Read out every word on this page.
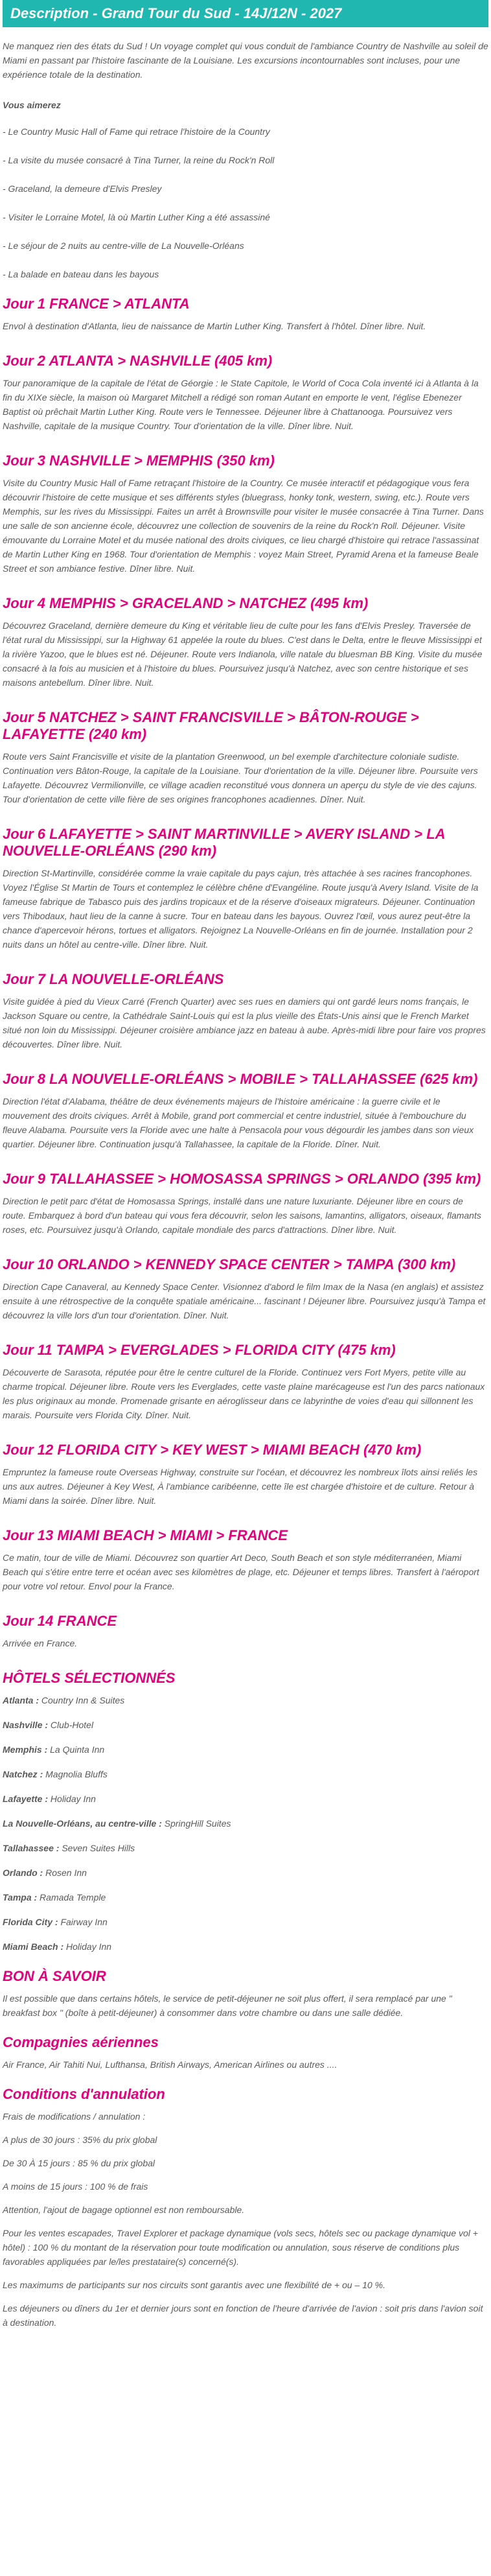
Description - Grand Tour du Sud - 14J/12N - 2027

Ne manquez rien des états du Sud ! Un voyage complet qui vous conduit de l'ambiance Country de Nashville au soleil de Miami en passant par l'histoire fascinante de la Louisiane. Les excursions incontournables sont incluses, pour une expérience totale de la destination.

Vous aimerez
- Le Country Music Hall of Fame qui retrace l'histoire de la Country
- La visite du musée consacré à Tina Turner, la reine du Rock'n Roll
- Graceland, la demeure d'Elvis Presley
- Visiter le Lorraine Motel, là où Martin Luther King a été assassiné
- Le séjour de 2 nuits au centre-ville de La Nouvelle-Orléans
- La balade en bateau dans les bayous
Jour 1 FRANCE > ATLANTA

Envol à destination d'Atlanta, lieu de naissance de Martin Luther King. Transfert à l'hôtel. Dîner libre. Nuit.

Jour 2 ATLANTA > NASHVILLE (405 km)

Tour panoramique de la capitale de l'état de Géorgie : le State Capitole, le World of Coca Cola inventé ici à Atlanta à la fin du XIXe siècle, la maison où Margaret Mitchell a rédigé son roman Autant en emporte le vent, l'église Ebenezer Baptist où prêchait Martin Luther King. Route vers le Tennessee. Déjeuner libre à Chattanooga. Poursuivez vers Nashville, capitale de la musique Country. Tour d'orientation de la ville. Dîner libre. Nuit.

Jour 3 NASHVILLE > MEMPHIS (350 km)

Visite du Country Music Hall of Fame retraçant l'histoire de la Country. Ce musée interactif et pédagogique vous fera découvrir l'histoire de cette musique et ses différents styles (bluegrass, honky tonk, western, swing, etc.). Route vers Memphis, sur les rives du Mississippi. Faites un arrêt à Brownsville pour visiter le musée consacrée à Tina Turner. Dans une salle de son ancienne école, découvrez une collection de souvenirs de la reine du Rock'n Roll. Déjeuner. Visite émouvante du Lorraine Motel et du musée national des droits civiques, ce lieu chargé d'histoire qui retrace l'assassinat de Martin Luther King en 1968. Tour d'orientation de Memphis : voyez Main Street, Pyramid Arena et la fameuse Beale Street et son ambiance festive. Dîner libre. Nuit.

Jour 4 MEMPHIS > GRACELAND > NATCHEZ (495 km)

Découvrez Graceland, dernière demeure du King et véritable lieu de culte pour les fans d'Elvis Presley. Traversée de l'état rural du Mississippi, sur la Highway 61 appelée la route du blues. C'est dans le Delta, entre le fleuve Mississippi et la rivière Yazoo, que le blues est né. Déjeuner. Route vers Indianola, ville natale du bluesman BB King. Visite du musée consacré à la fois au musicien et à l'histoire du blues. Poursuivez jusqu'à Natchez, avec son centre historique et ses maisons antebellum. Dîner libre. Nuit.

Jour 5 NATCHEZ > SAINT FRANCISVILLE > BÂTON-ROUGE > LAFAYETTE (240 km)

Route vers Saint Francisville et visite de la plantation Greenwood, un bel exemple d'architecture coloniale sudiste. Continuation vers Bâton-Rouge, la capitale de la Louisiane. Tour d'orientation de la ville. Déjeuner libre. Poursuite vers Lafayette. Découvrez Vermilionville, ce village acadien reconstitué vous donnera un aperçu du style de vie des cajuns. Tour d'orientation de cette ville fière de ses origines francophones acadiennes. Dîner. Nuit.

Jour 6 LAFAYETTE > SAINT MARTINVILLE > AVERY ISLAND > LA NOUVELLE-ORLÉANS (290 km)

Direction St-Martinville, considérée comme la vraie capitale du pays cajun, très attachée à ses racines francophones. Voyez l'Église St Martin de Tours et contemplez le célèbre chêne d'Evangéline. Route jusqu'à Avery Island. Visite de la fameuse fabrique de Tabasco puis des jardins tropicaux et de la réserve d'oiseaux migrateurs. Déjeuner. Continuation vers Thibodaux, haut lieu de la canne à sucre. Tour en bateau dans les bayous. Ouvrez l'œil, vous aurez peut-être la chance d'apercevoir hérons, tortues et alligators. Rejoignez La Nouvelle-Orléans en fin de journée. Installation pour 2 nuits dans un hôtel au centre-ville. Dîner libre. Nuit.

Jour 7 LA NOUVELLE-ORLÉANS

Visite guidée à pied du Vieux Carré (French Quarter) avec ses rues en damiers qui ont gardé leurs noms français, le Jackson Square ou centre, la Cathédrale Saint-Louis qui est la plus vieille des États-Unis ainsi que le French Market situé non loin du Mississippi. Déjeuner croisière ambiance jazz en bateau à aube. Après-midi libre pour faire vos propres découvertes. Dîner libre. Nuit.

Jour 8 LA NOUVELLE-ORLÉANS > MOBILE > TALLAHASSEE (625 km)

Direction l'état d'Alabama, théâtre de deux événements majeurs de l'histoire américaine : la guerre civile et le mouvement des droits civiques. Arrêt à Mobile, grand port commercial et centre industriel, située à l'embouchure du fleuve Alabama. Poursuite vers la Floride avec une halte à Pensacola pour vous dégourdir les jambes dans son vieux quartier. Déjeuner libre. Continuation jusqu'à Tallahassee, la capitale de la Floride. Dîner. Nuit.

Jour 9 TALLAHASSEE > HOMOSASSA SPRINGS > ORLANDO (395 km)

Direction le petit parc d'état de Homosassa Springs, installé dans une nature luxuriante. Déjeuner libre en cours de route. Embarquez à bord d'un bateau qui vous fera découvrir, selon les saisons, lamantins, alligators, oiseaux, flamants roses, etc. Poursuivez jusqu'à Orlando, capitale mondiale des parcs d'attractions. Dîner libre. Nuit.

Jour 10 ORLANDO > KENNEDY SPACE CENTER > TAMPA (300 km)

Direction Cape Canaveral, au Kennedy Space Center. Visionnez d'abord le film Imax de la Nasa (en anglais) et assistez ensuite à une rétrospective de la conquête spatiale américaine... fascinant ! Déjeuner libre. Poursuivez jusqu'à Tampa et découvrez la ville lors d'un tour d'orientation. Dîner. Nuit.

Jour 11 TAMPA > EVERGLADES > FLORIDA CITY (475 km)

Découverte de Sarasota, réputée pour être le centre culturel de la Floride. Continuez vers Fort Myers, petite ville au charme tropical. Déjeuner libre. Route vers les Everglades, cette vaste plaine marécageuse est l'un des parcs nationaux les plus originaux au monde. Promenade grisante en aéroglisseur dans ce labyrinthe de voies d'eau qui sillonnent les marais. Poursuite vers Florida City. Dîner. Nuit.

Jour 12 FLORIDA CITY > KEY WEST > MIAMI BEACH (470 km)

Empruntez la fameuse route Overseas Highway, construite sur l'océan, et découvrez les nombreux îlots ainsi reliés les uns aux autres. Déjeuner à Key West, À l'ambiance caribéenne, cette île est chargée d'histoire et de culture. Retour à Miami dans la soirée. Dîner libre. Nuit.

Jour 13 MIAMI BEACH > MIAMI > FRANCE

Ce matin, tour de ville de Miami. Découvrez son quartier Art Deco, South Beach et son style méditerranéen, Miami Beach qui s'étire entre terre et océan avec ses kilomètres de plage, etc. Déjeuner et temps libres. Transfert à l'aéroport pour votre vol retour. Envol pour la France.

Jour 14 FRANCE

Arrivée en France.

HÔTELS SÉLECTIONNÉS
Atlanta : Country Inn & Suites
Nashville : Club-Hotel
Memphis : La Quinta Inn
Natchez : Magnolia Bluffs
Lafayette : Holiday Inn
La Nouvelle-Orléans, au centre-ville : SpringHill Suites
Tallahassee : Seven Suites Hills
Orlando : Rosen Inn
Tampa : Ramada Temple
Florida City : Fairway Inn
Miami Beach : Holiday Inn
BON À SAVOIR

Il est possible que dans certains hôtels, le service de petit-déjeuner ne soit plus offert, il sera remplacé par une " breakfast box " (boîte à petit-déjeuner) à consommer dans votre chambre ou dans une salle dédiée.

Compagnies aériennes

Air France, Air Tahiti Nui, Lufthansa, British Airways, American Airlines ou autres ....

Conditions d'annulation

Frais de modifications / annulation :

A plus de 30 jours : 35% du prix global

De 30 À 15 jours : 85 % du prix global

A moins de 15 jours : 100 % de frais

Attention, l'ajout de bagage optionnel est non remboursable.

Pour les ventes escapades, Travel Explorer et package dynamique (vols secs, hôtels sec ou package dynamique vol + hôtel) : 100 % du montant de la réservation pour toute modification ou annulation, sous réserve de conditions plus favorables appliquées par le/les prestataire(s) concerné(s).

Les maximums de participants sur nos circuits sont garantis avec une flexibilité de + ou – 10 %.

Les déjeuners ou dîners du 1er et dernier jours sont en fonction de l'heure d'arrivée de l'avion : soit pris dans l'avion soit à destination.
